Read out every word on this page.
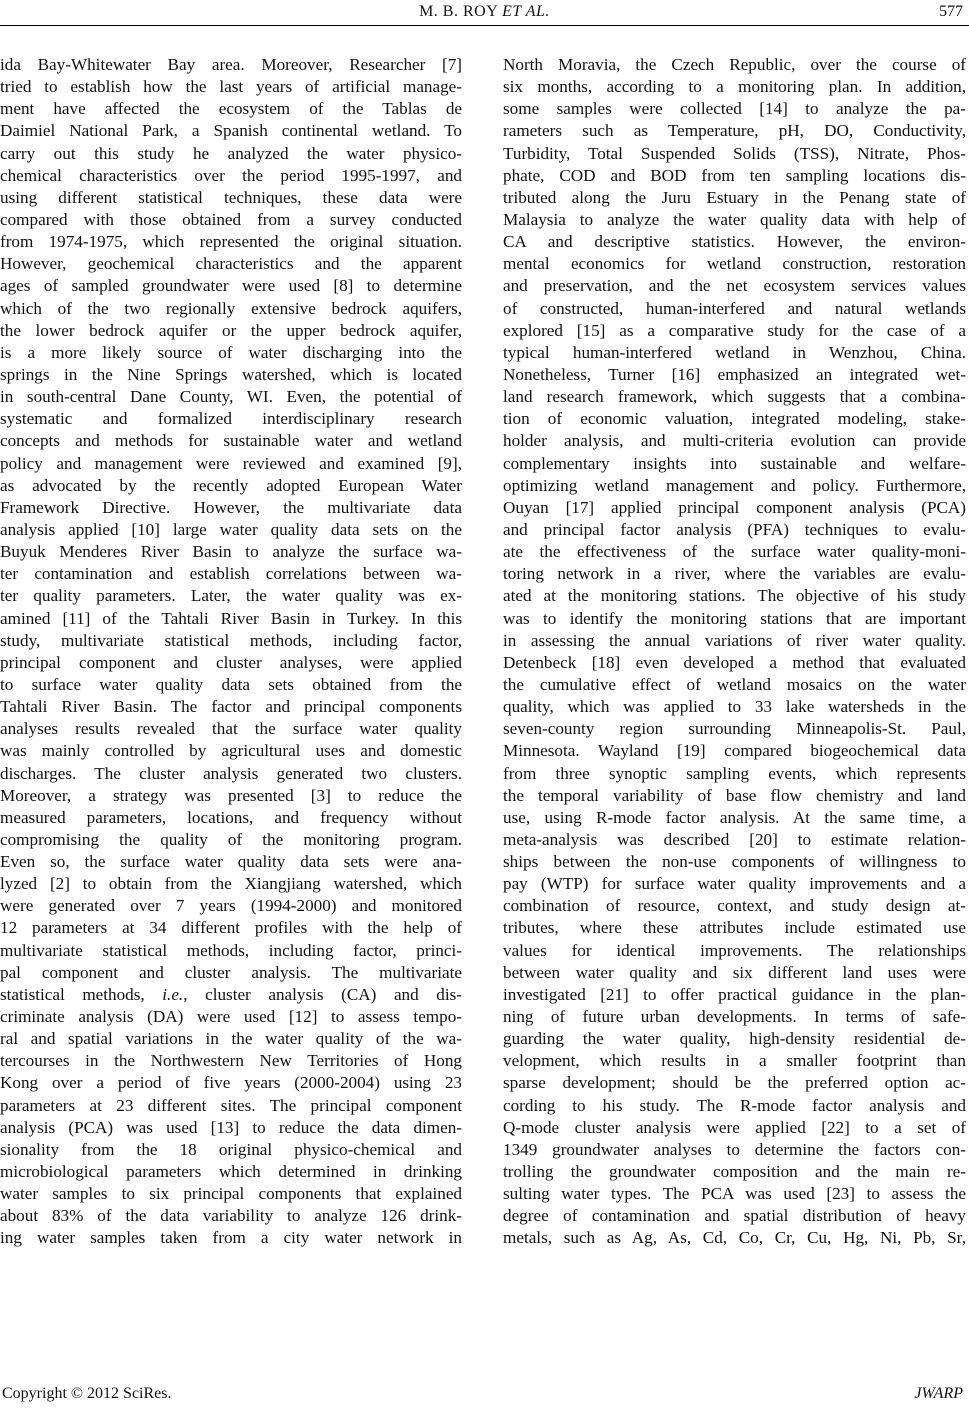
M. B. ROY ET AL.	577
ida Bay-Whitewater Bay area. Moreover, Researcher [7]
tried to establish how the last years of artificial manage-
ment have affected the ecosystem of the Tablas de
Daimiel National Park, a Spanish continental wetland. To
carry out this study he analyzed the water physico-
chemical characteristics over the period 1995-1997, and
using different statistical techniques, these data were
compared with those obtained from a survey conducted
from 1974-1975, which represented the original situation.
However, geochemical characteristics and the apparent
ages of sampled groundwater were used [8] to determine
which of the two regionally extensive bedrock aquifers,
the lower bedrock aquifer or the upper bedrock aquifer,
is a more likely source of water discharging into the
springs in the Nine Springs watershed, which is located
in south-central Dane County, WI. Even, the potential of
systematic and formalized interdisciplinary research
concepts and methods for sustainable water and wetland
policy and management were reviewed and examined [9],
as advocated by the recently adopted European Water
Framework Directive. However, the multivariate data
analysis applied [10] large water quality data sets on the
Buyuk Menderes River Basin to analyze the surface wa-
ter contamination and establish correlations between wa-
ter quality parameters. Later, the water quality was ex-
amined [11] of the Tahtali River Basin in Turkey. In this
study, multivariate statistical methods, including factor,
principal component and cluster analyses, were applied
to surface water quality data sets obtained from the
Tahtali River Basin. The factor and principal components
analyses results revealed that the surface water quality
was mainly controlled by agricultural uses and domestic
discharges. The cluster analysis generated two clusters.
Moreover, a strategy was presented [3] to reduce the
measured parameters, locations, and frequency without
compromising the quality of the monitoring program.
Even so, the surface water quality data sets were ana-
lyzed [2] to obtain from the Xiangjiang watershed, which
were generated over 7 years (1994-2000) and monitored
12 parameters at 34 different profiles with the help of
multivariate statistical methods, including factor, princi-
pal component and cluster analysis. The multivariate
statistical methods, i.e., cluster analysis (CA) and dis-
criminate analysis (DA) were used [12] to assess tempo-
ral and spatial variations in the water quality of the wa-
tercourses in the Northwestern New Territories of Hong
Kong over a period of five years (2000-2004) using 23
parameters at 23 different sites. The principal component
analysis (PCA) was used [13] to reduce the data dimen-
sionality from the 18 original physico-chemical and
microbiological parameters which determined in drinking
water samples to six principal components that explained
about 83% of the data variability to analyze 126 drink-
ing water samples taken from a city water network in
North Moravia, the Czech Republic, over the course of
six months, according to a monitoring plan. In addition,
some samples were collected [14] to analyze the pa-
rameters such as Temperature, pH, DO, Conductivity,
Turbidity, Total Suspended Solids (TSS), Nitrate, Phos-
phate, COD and BOD from ten sampling locations dis-
tributed along the Juru Estuary in the Penang state of
Malaysia to analyze the water quality data with help of
CA and descriptive statistics. However, the environ-
mental economics for wetland construction, restoration
and preservation, and the net ecosystem services values
of constructed, human-interfered and natural wetlands
explored [15] as a comparative study for the case of a
typical human-interfered wetland in Wenzhou, China.
Nonetheless, Turner [16] emphasized an integrated wet-
land research framework, which suggests that a combina-
tion of economic valuation, integrated modeling, stake-
holder analysis, and multi-criteria evolution can provide
complementary insights into sustainable and welfare-
optimizing wetland management and policy. Furthermore,
Ouyan [17] applied principal component analysis (PCA)
and principal factor analysis (PFA) techniques to evalu-
ate the effectiveness of the surface water quality-moni-
toring network in a river, where the variables are evalu-
ated at the monitoring stations. The objective of his study
was to identify the monitoring stations that are important
in assessing the annual variations of river water quality.
Detenbeck [18] even developed a method that evaluated
the cumulative effect of wetland mosaics on the water
quality, which was applied to 33 lake watersheds in the
seven-county region surrounding Minneapolis-St. Paul,
Minnesota. Wayland [19] compared biogeochemical data
from three synoptic sampling events, which represents
the temporal variability of base flow chemistry and land
use, using R-mode factor analysis. At the same time, a
meta-analysis was described [20] to estimate relation-
ships between the non-use components of willingness to
pay (WTP) for surface water quality improvements and a
combination of resource, context, and study design at-
tributes, where these attributes include estimated use
values for identical improvements. The relationships
between water quality and six different land uses were
investigated [21] to offer practical guidance in the plan-
ning of future urban developments. In terms of safe-
guarding the water quality, high-density residential de-
velopment, which results in a smaller footprint than
sparse development; should be the preferred option ac-
cording to his study. The R-mode factor analysis and
Q-mode cluster analysis were applied [22] to a set of
1349 groundwater analyses to determine the factors con-
trolling the groundwater composition and the main re-
sulting water types. The PCA was used [23] to assess the
degree of contamination and spatial distribution of heavy
metals, such as Ag, As, Cd, Co, Cr, Cu, Hg, Ni, Pb, Sr,
Copyright © 2012 SciRes.	JWARP
